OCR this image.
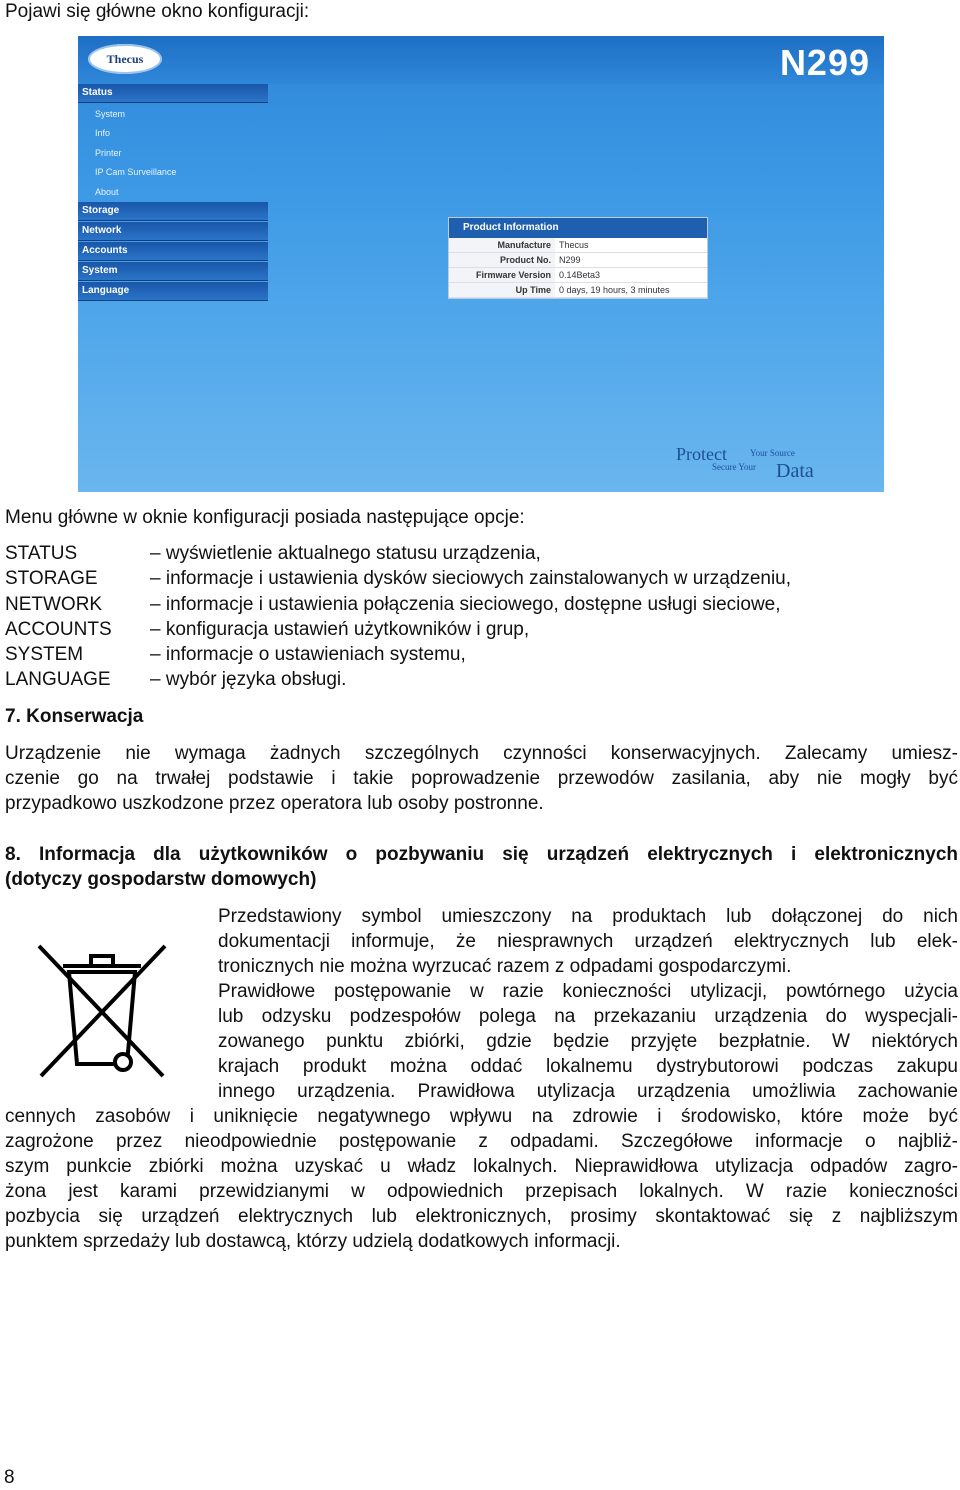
Pojawi się główne okno konfiguracji:
Thecus	N299
Status
System
Info
Printer
IP Cam Surveillance
About
Storage
Network
Accounts
System
Language
Product Information
Manufacture Thecus
Product No. N299
Firmware Version 0.14Beta3
Up Time 0 days, 19 hours, 3 minutes
Protect	Your Source
Secure Your Data
Menu główne w oknie konfiguracji posiada następujące opcje:
STATUS	– wyświetlenie aktualnego statusu urządzenia,
STORAGE	– informacje i ustawienia dysków sieciowych zainstalowanych w urządzeniu,
NETWORK	– informacje i ustawienia połączenia sieciowego, dostępne usługi sieciowe,
ACCOUNTS	– konfiguracja ustawień użytkowników i grup,
SYSTEM	– informacje o ustawieniach systemu,
LANGUAGE	– wybór języka obsługi.
7. Konserwacja
Urządzenie nie wymaga żadnych szczególnych czynności konserwacyjnych. Zalecamy umiesz-
czenie go na trwałej podstawie i takie poprowadzenie przewodów zasilania, aby nie mogły być
przypadkowo uszkodzone przez operatora lub osoby postronne.
8. Informacja dla użytkowników o pozbywaniu się urządzeń elektrycznych i elektronicznych
(dotyczy gospodarstw domowych)
Przedstawiony symbol umieszczony na produktach lub dołączonej do nich
dokumentacji informuje, że niesprawnych urządzeń elektrycznych lub elek-
tronicznych nie można wyrzucać razem z odpadami gospodarczymi.
Prawidłowe postępowanie w razie konieczności utylizacji, powtórnego użycia
lub odzysku podzespołów polega na przekazaniu urządzenia do wyspecjali-
zowanego punktu zbiórki, gdzie będzie przyjęte bezpłatnie. W niektórych
krajach produkt można oddać lokalnemu dystrybutorowi podczas zakupu
innego urządzenia. Prawidłowa utylizacja urządzenia umożliwia zachowanie
cennych zasobów i uniknięcie negatywnego wpływu na zdrowie i środowisko, które może być
zagrożone przez nieodpowiednie postępowanie z odpadami. Szczegółowe informacje o najbliż-
szym punkcie zbiórki można uzyskać u władz lokalnych. Nieprawidłowa utylizacja odpadów zagro-
żona jest karami przewidzianymi w odpowiednich przepisach lokalnych. W razie konieczności
pozbycia się urządzeń elektrycznych lub elektronicznych, prosimy skontaktować się z najbliższym
punktem sprzedaży lub dostawcą, którzy udzielą dodatkowych informacji.
8
